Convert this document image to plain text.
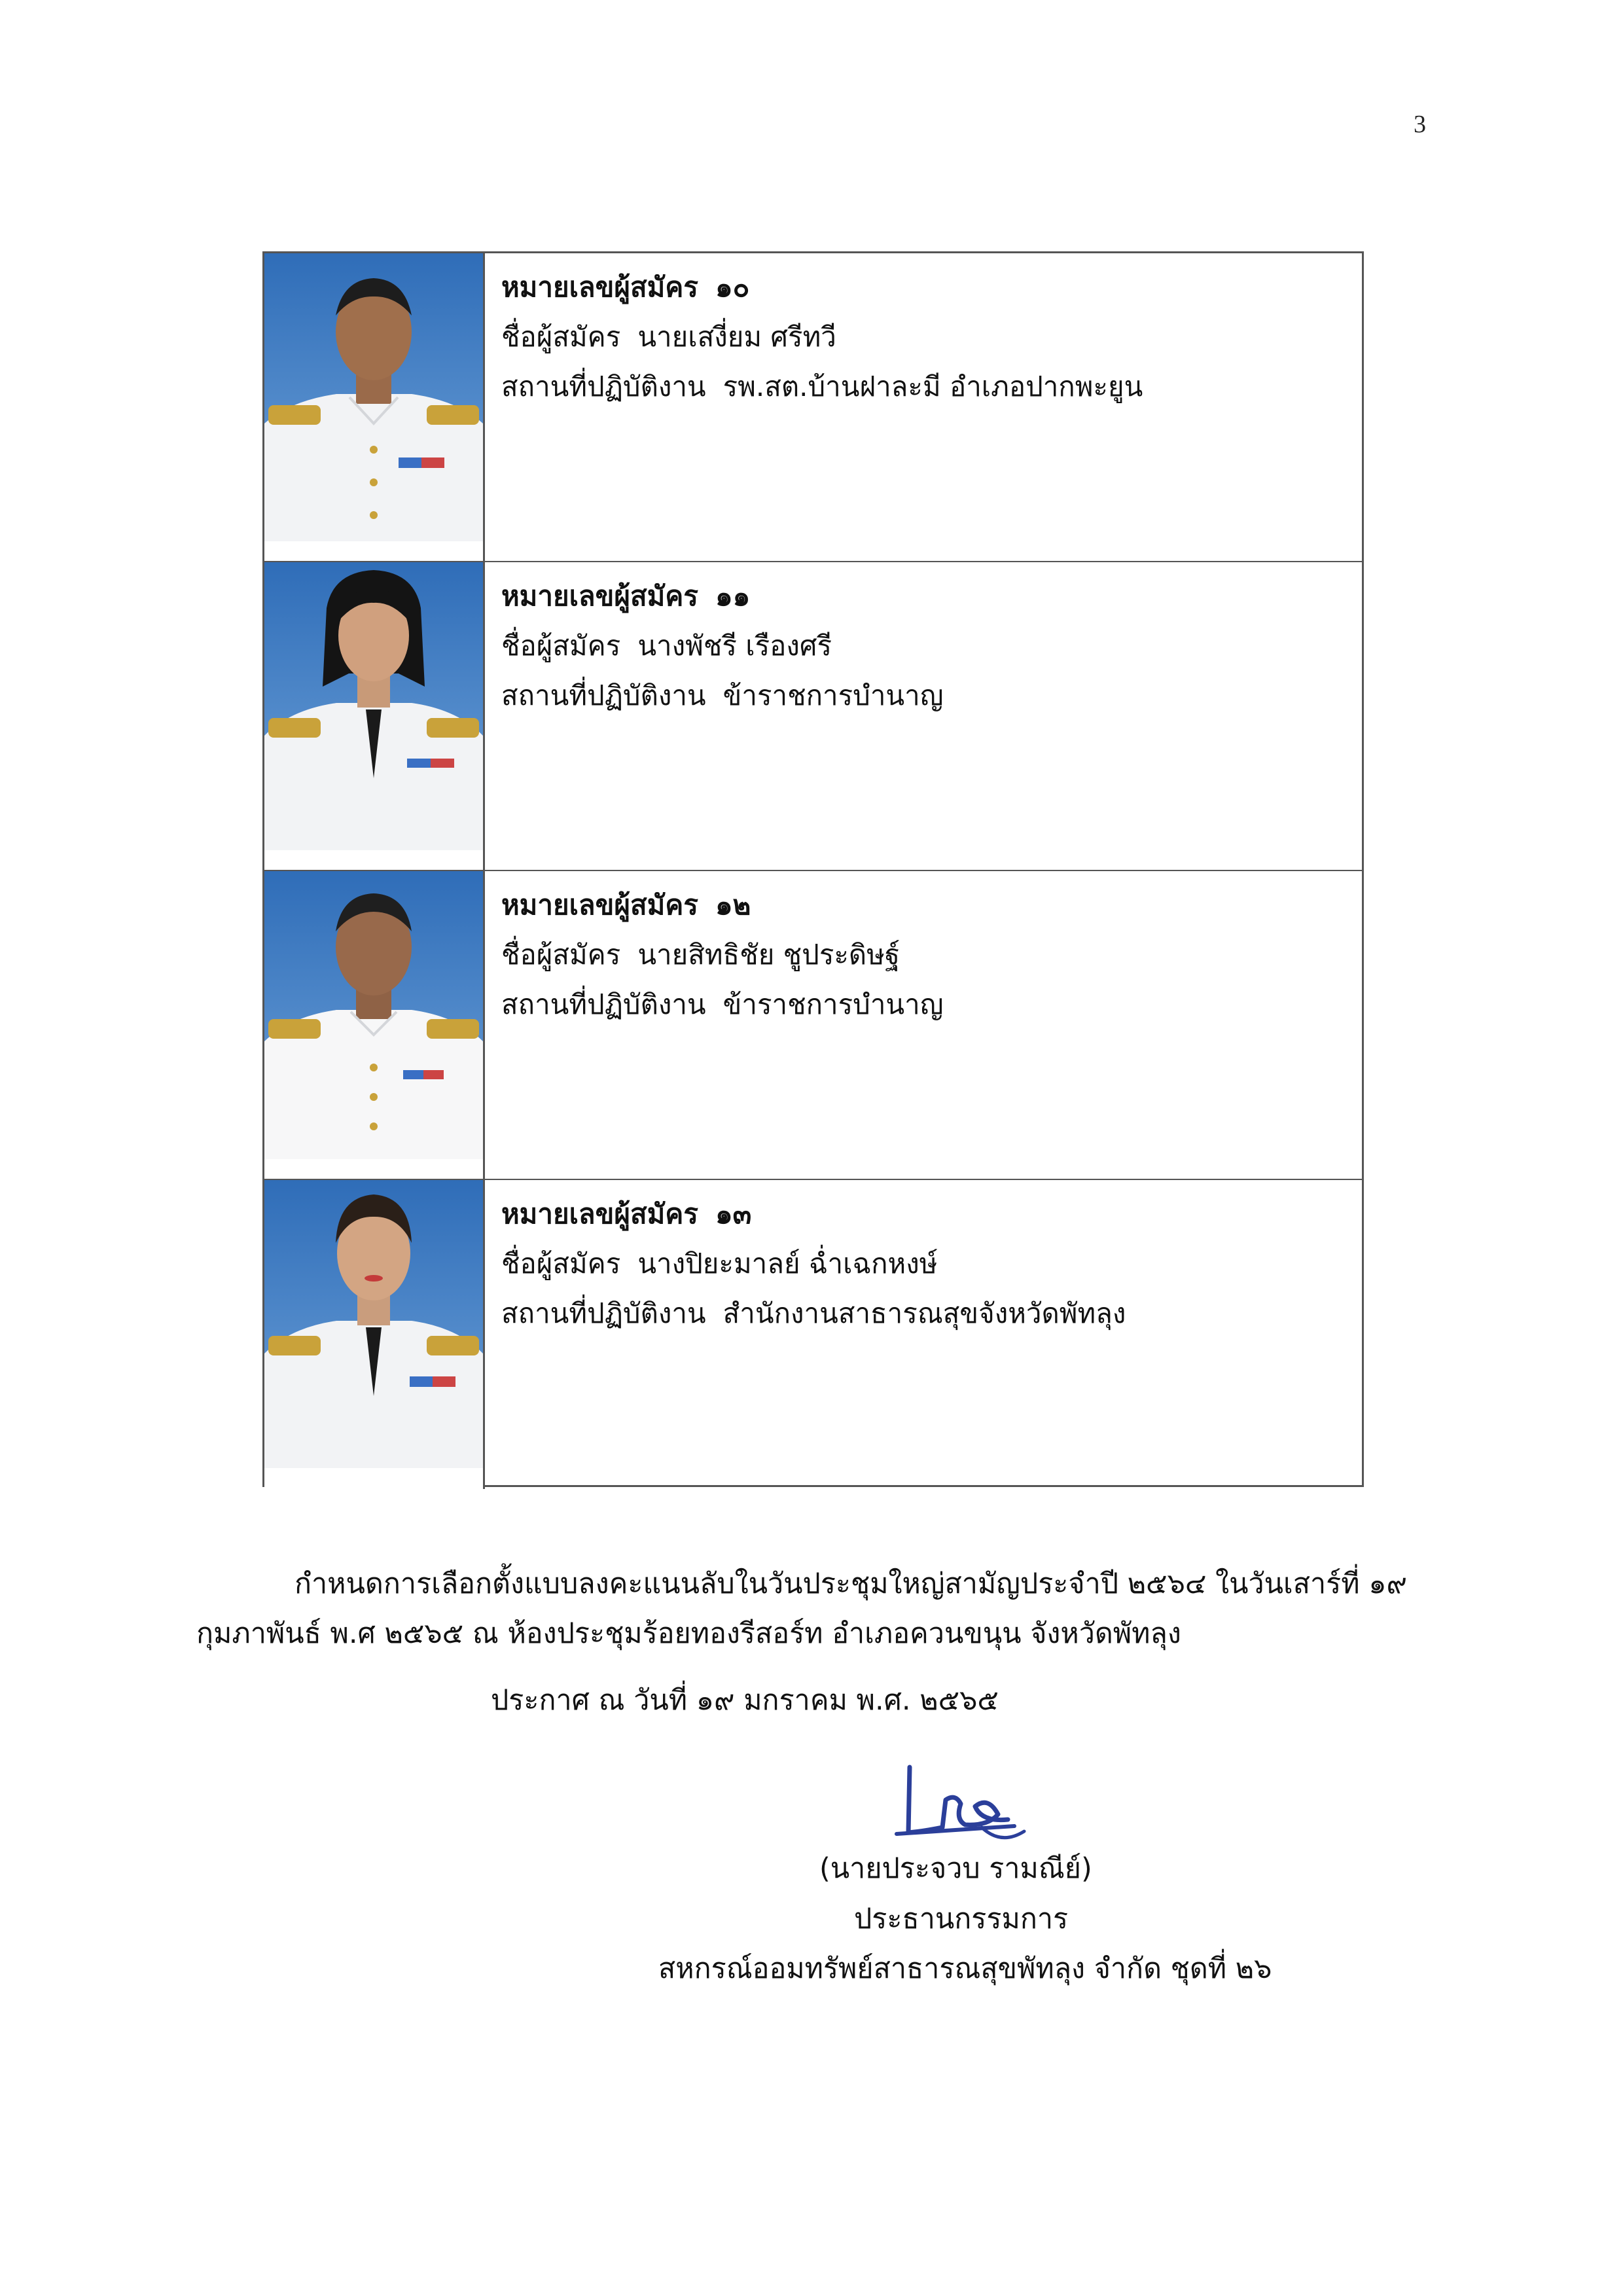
3
หมายเลขผู้สมัคร ๑๐
ชื่อผู้สมัคร นายเสงี่ยม ศรีทวี
สถานที่ปฏิบัติงาน รพ.สต.บ้านฝาละมี อำเภอปากพะยูน
หมายเลขผู้สมัคร ๑๑
ชื่อผู้สมัคร นางพัชรี เรืองศรี
สถานที่ปฏิบัติงาน ข้าราชการบำนาญ
หมายเลขผู้สมัคร ๑๒
ชื่อผู้สมัคร นายสิทธิชัย ชูประดิษฐ์
สถานที่ปฏิบัติงาน ข้าราชการบำนาญ
หมายเลขผู้สมัคร ๑๓
ชื่อผู้สมัคร นางปิยะมาลย์ ฉ่ำเฉกหงษ์
สถานที่ปฏิบัติงาน สำนักงานสาธารณสุขจังหวัดพัทลุง
กำหนดการเลือกตั้งแบบลงคะแนนลับในวันประชุมใหญ่สามัญประจำปี ๒๕๖๔ ในวันเสาร์ที่ ๑๙
กุมภาพันธ์ พ.ศ ๒๕๖๕ ณ ห้องประชุมร้อยทองรีสอร์ท อำเภอควนขนุน จังหวัดพัทลุง
ประกาศ ณ วันที่ ๑๙ มกราคม พ.ศ. ๒๕๖๕
(นายประจวบ รามณีย์)
ประธานกรรมการ
สหกรณ์ออมทรัพย์สาธารณสุขพัทลุง จำกัด ชุดที่ ๒๖
